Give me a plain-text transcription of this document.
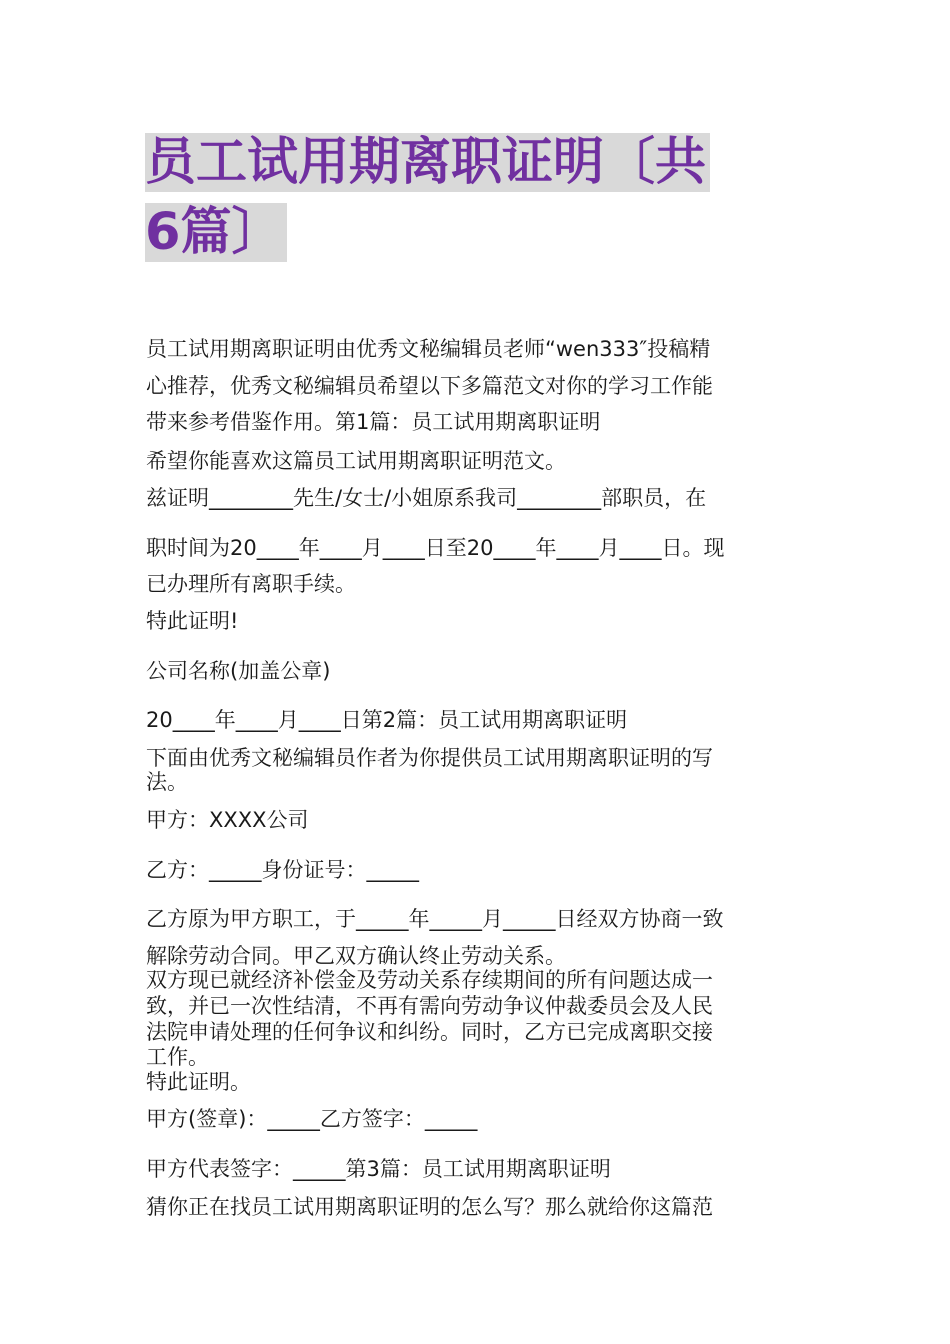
员工试用期离职证明〔共
6篇〕

员工试用期离职证明由优秀文秘编辑员老师“wen333″投稿精

心推荐，优秀文秘编辑员希望以下多篇范文对你的学习工作能

带来参考借鉴作用。第1篇：员工试用期离职证明

希望你能喜欢这篇员工试用期离职证明范文。

兹证明________先生/女士/小姐原系我司________部职员，在

职时间为20____年____月____日至20____年____月____日。现

已办理所有离职手续。

特此证明!

公司名称(加盖公章)

20____年____月____日第2篇：员工试用期离职证明

下面由优秀文秘编辑员作者为你提供员工试用期离职证明的写

法。

甲方：XXXX公司

乙方：_____身份证号：_____

乙方原为甲方职工，于_____年_____月_____日经双方协商一致

解除劳动合同。甲乙双方确认终止劳动关系。

双方现已就经济补偿金及劳动关系存续期间的所有问题达成一

致，并已一次性结清，不再有需向劳动争议仲裁委员会及人民

法院申请处理的任何争议和纠纷。同时，乙方已完成离职交接

工作。

特此证明。

甲方(签章)：_____乙方签字：_____

甲方代表签字：_____第3篇：员工试用期离职证明

猜你正在找员工试用期离职证明的怎么写？那么就给你这篇范
